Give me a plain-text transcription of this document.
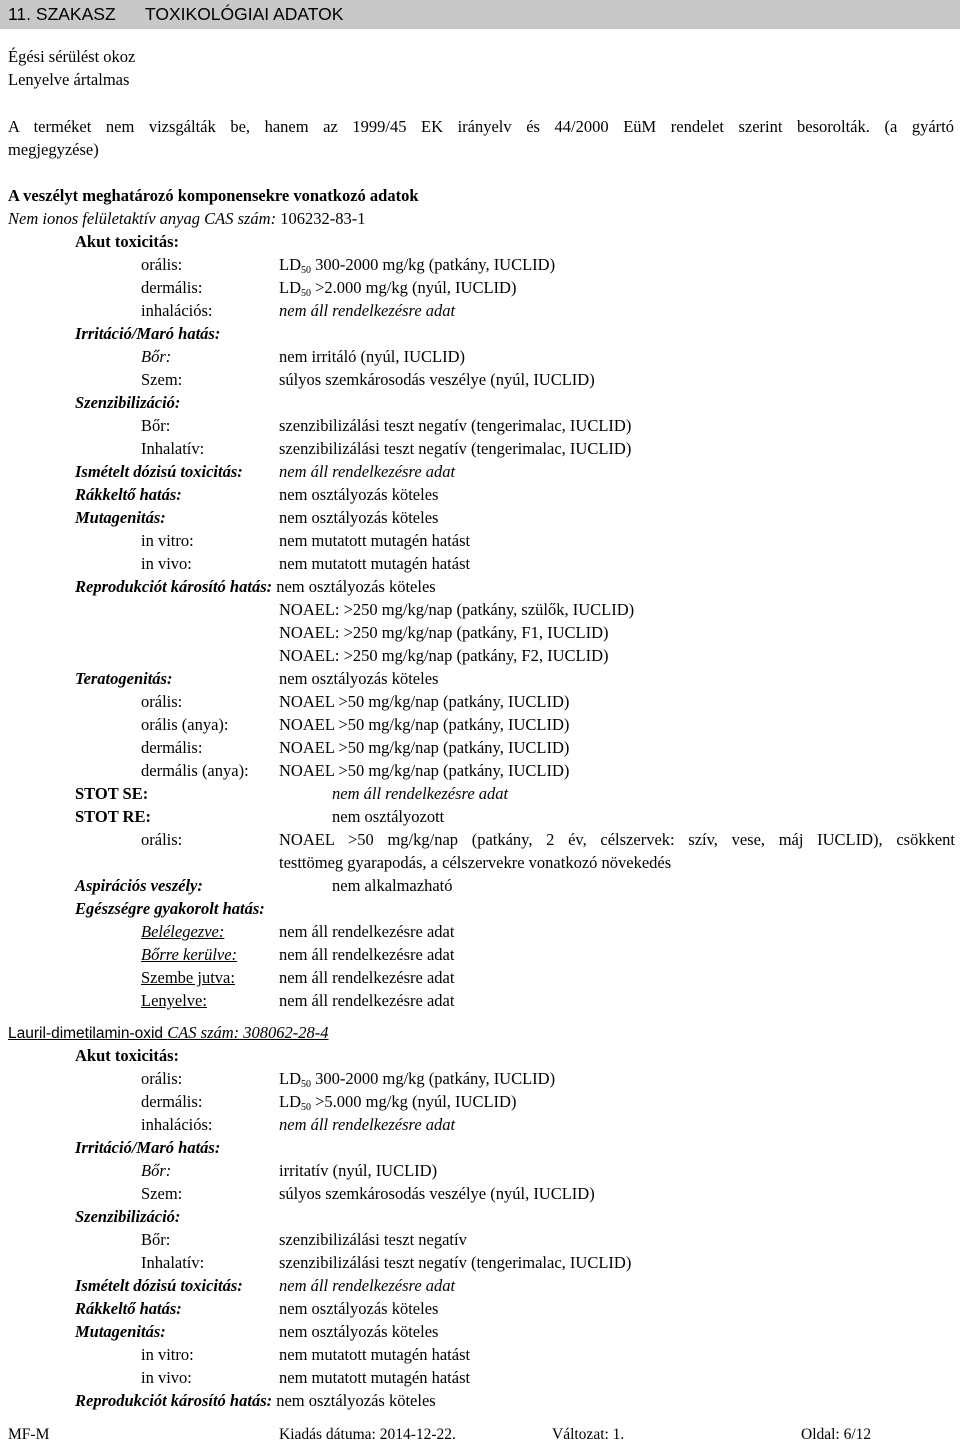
11. SZAKASZ TOXIKOLÓGIAI ADATOK
Égési sérülést okoz
Lenyelve ártalmas
A terméket nem vizsgálták be, hanem az 1999/45 EK irányelv és 44/2000 EüM rendelet szerint besorolták. (a gyártó
megjegyzése)
A veszélyt meghatározó komponensekre vonatkozó adatok
Nem ionos felületaktív anyag CAS szám: 106232-83-1
Akut toxicitás:
orális:	$LD_{50}$ 300-2000 mg/kg (patkány, IUCLID)
dermális:	$LD_{50} >2.000$ mg/kg (nyúl, IUCLID)
inhalációs:	nem áll rendelkezésre adat
Irritáció/Maró hatás:
Bőr:	nem irritáló (nyúl, IUCLID)
Szem:	súlyos szemkárosodás veszélye (nyúl, IUCLID)
Szenzibilizáció:
Bőr:	szenzibilizálási teszt negatív (tengerimalac, IUCLID)
Inhalatív:	szenzibilizálási teszt negatív (tengerimalac, IUCLID)
Ismételt dózisú toxicitás: nem áll rendelkezésre adat
Rákkeltő hatás:	nem osztályozás köteles
Mutagenitás:	nem osztályozás köteles
in vitro:	nem mutatott mutagén hatást
in vivo:	nem mutatott mutagén hatást
Reprodukciót károsító hatás: nem osztályozás köteles
NOAEL: >250 mg/kg/nap (patkány, szülők, IUCLID)
NOAEL: >250 mg/kg/nap (patkány, F1, IUCLID)
NOAEL: >250 mg/kg/nap (patkány, F2, IUCLID)
Teratogenitás:	nem osztályozás köteles
orális:	NOAEL >50 mg/kg/nap (patkány, IUCLID)
orális (anya):	NOAEL >50 mg/kg/nap (patkány, IUCLID)
dermális:	NOAEL >50 mg/kg/nap (patkány, IUCLID)
dermális (anya): NOAEL >50 mg/kg/nap (patkány, IUCLID)
STOT SE:	nem áll rendelkezésre adat
STOT RE:	nem osztályozott
orális:	NOAEL >50 mg/kg/nap (patkány, 2 év, célszervek: szív, vese, máj IUCLID), csökkent
testtömeg gyarapodás, a célszervekre vonatkozó növekedés
Aspirációs veszély:	nem alkalmazható
Egészségre gyakorolt hatás:
Belélegezve:	nem áll rendelkezésre adat
Bőrre kerülve:	nem áll rendelkezésre adat
Szembe jutva:	nem áll rendelkezésre adat
Lenyelve:	nem áll rendelkezésre adat
Lauril-dimetilamin-oxid CAS szám: 308062-28-4
Akut toxicitás:
orális:	$LD_{50}$ 300-2000 mg/kg (patkány, IUCLID)
dermális:	$LD_{50} >5.000$ mg/kg (nyúl, IUCLID)
inhalációs:	nem áll rendelkezésre adat
Irritáció/Maró hatás:
Bőr:	irritatív (nyúl, IUCLID)
Szem:	súlyos szemkárosodás veszélye (nyúl, IUCLID)
Szenzibilizáció:
Bőr:	szenzibilizálási teszt negatív
Inhalatív:	szenzibilizálási teszt negatív (tengerimalac, IUCLID)
Ismételt dózisú toxicitás: nem áll rendelkezésre adat
Rákkeltő hatás:	nem osztályozás köteles
Mutagenitás:	nem osztályozás köteles
in vitro:	nem mutatott mutagén hatást
in vivo:	nem mutatott mutagén hatást
Reprodukciót károsító hatás: nem osztályozás köteles
MF-M	Kiadás dátuma: 2014-12-22.	Változat: 1.	Oldal: 6/12
